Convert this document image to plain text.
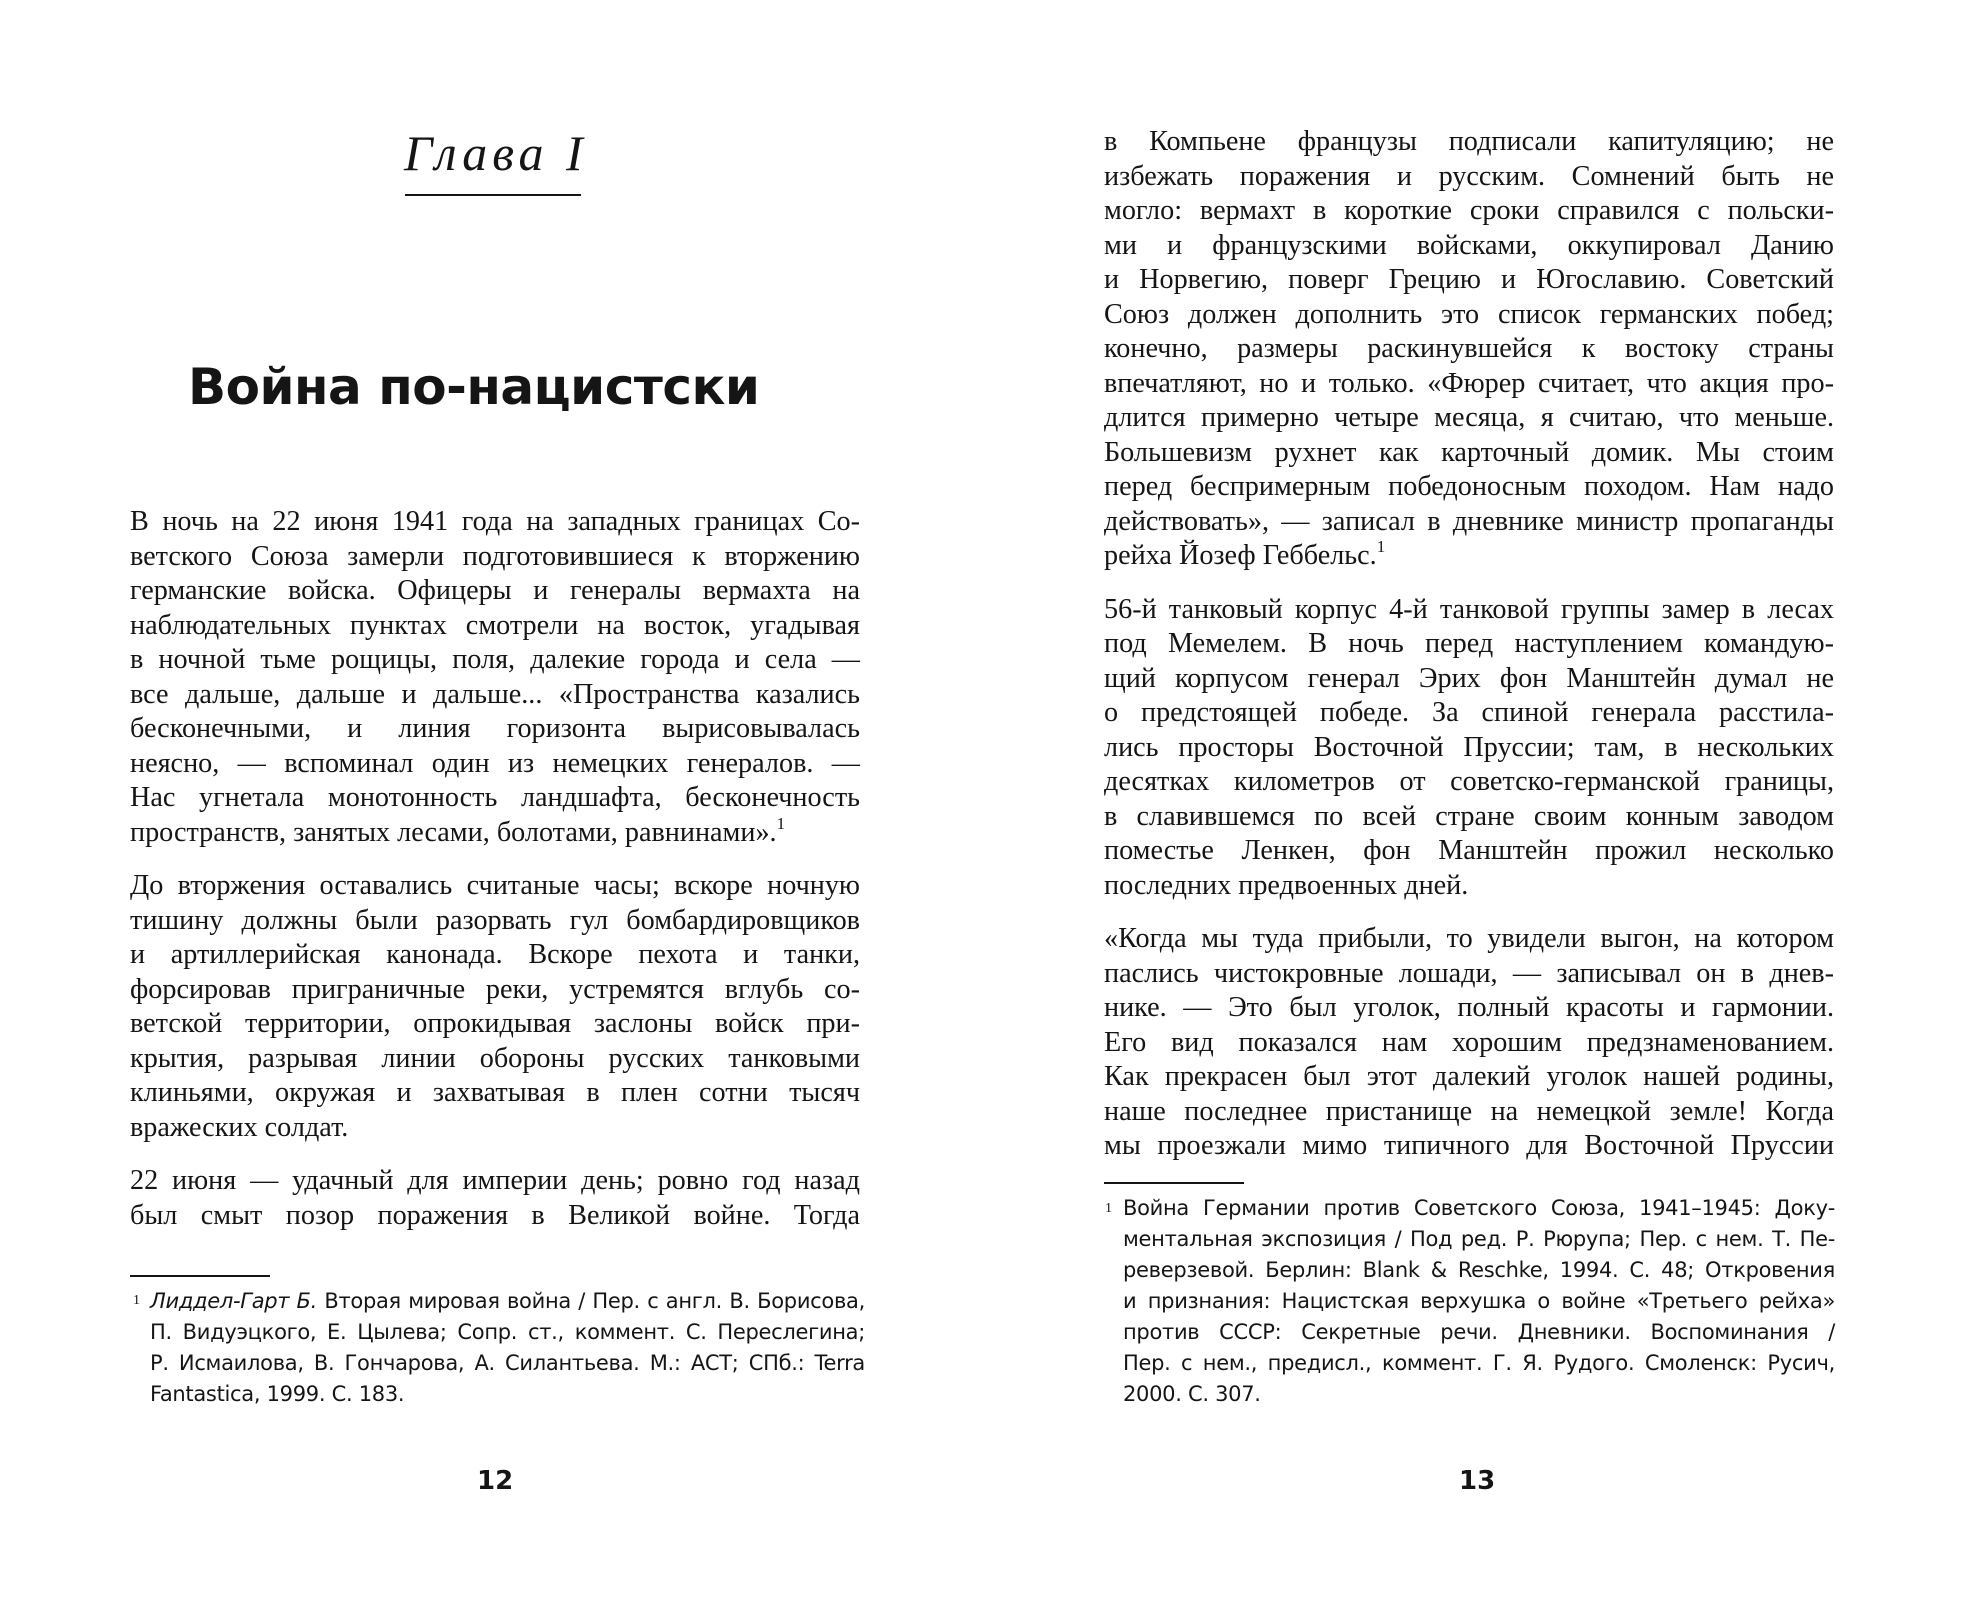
Глава I
Война по-нацистски
В ночь на 22 июня 1941 года на западных границах Со-
ветского Союза замерли подготовившиеся к вторжению
германские войска. Офицеры и генералы вермахта на
наблюдательных пунктах смотрели на восток, угадывая
в ночной тьме рощицы, поля, далекие города и села —
все дальше, дальше и дальше... «Пространства казались
бесконечными, и линия горизонта вырисовывалась
неясно, — вспоминал один из немецких генералов. —
Нас угнетала монотонность ландшафта, бесконечность
пространств, занятых лесами, болотами, равнинами».$^1$
До вторжения оставались считаные часы; вскоре ночную
тишину должны были разорвать гул бомбардировщиков
и артиллерийская канонада. Вскоре пехота и танки,
форсировав приграничные реки, устремятся вглубь со-
ветской территории, опрокидывая заслоны войск при-
крытия, разрывая линии обороны русских танковыми
клиньями, окружая и захватывая в плен сотни тысяч
вражеских солдат.
22 июня — удачный для империи день; ровно год назад
был смыт позор поражения в Великой войне. Тогда
1 Лиддел-Гарт Б. Вторая мировая война / Пер. с англ. В. Борисова,
П. Видуэцкого, Е. Цылева; Сопр. ст., коммент. С. Переслегина;
Р. Исмаилова, В. Гончарова, А. Силантьева. М.: АСТ; СПб.: Terra
Fantastica, 1999. С. 183.
12
в Компьене французы подписали капитуляцию; не
избежать поражения и русским. Сомнений быть не
могло: вермахт в короткие сроки справился с польски-
ми и французскими войсками, оккупировал Данию
и Норвегию, поверг Грецию и Югославию. Советский
Союз должен дополнить это список германских побед;
конечно, размеры раскинувшейся к востоку страны
впечатляют, но и только. «Фюрер считает, что акция про-
длится примерно четыре месяца, я считаю, что меньше.
Большевизм рухнет как карточный домик. Мы стоим
перед беспримерным победоносным походом. Нам надо
действовать», — записал в дневнике министр пропаганды
рейха Йозеф Геббельс.$^1$
56-й танковый корпус 4-й танковой группы замер в лесах
под Мемелем. В ночь перед наступлением командую-
щий корпусом генерал Эрих фон Манштейн думал не
о предстоящей победе. За спиной генерала расстила-
лись просторы Восточной Пруссии; там, в нескольких
десятках километров от советско-германской границы,
в славившемся по всей стране своим конным заводом
поместье Ленкен, фон Манштейн прожил несколько
последних предвоенных дней.
«Когда мы туда прибыли, то увидели выгон, на котором
паслись чистокровные лошади, — записывал он в днев-
нике. — Это был уголок, полный красоты и гармонии.
Его вид показался нам хорошим предзнаменованием.
Как прекрасен был этот далекий уголок нашей родины,
наше последнее пристанище на немецкой земле! Когда
мы проезжали мимо типичного для Восточной Пруссии
1 Война Германии против Советского Союза, 1941–1945: Доку-
ментальная экспозиция / Под ред. Р. Рюрупа; Пер. с нем. Т. Пе-
реверзевой. Берлин: Blank & Reschke, 1994. С. 48; Откровения
и признания: Нацистская верхушка о войне «Третьего рейха»
против СССР: Секретные речи. Дневники. Воспоминания /
Пер. с нем., предисл., коммент. Г. Я. Рудого. Смоленск: Русич,
2000. С. 307.
13
